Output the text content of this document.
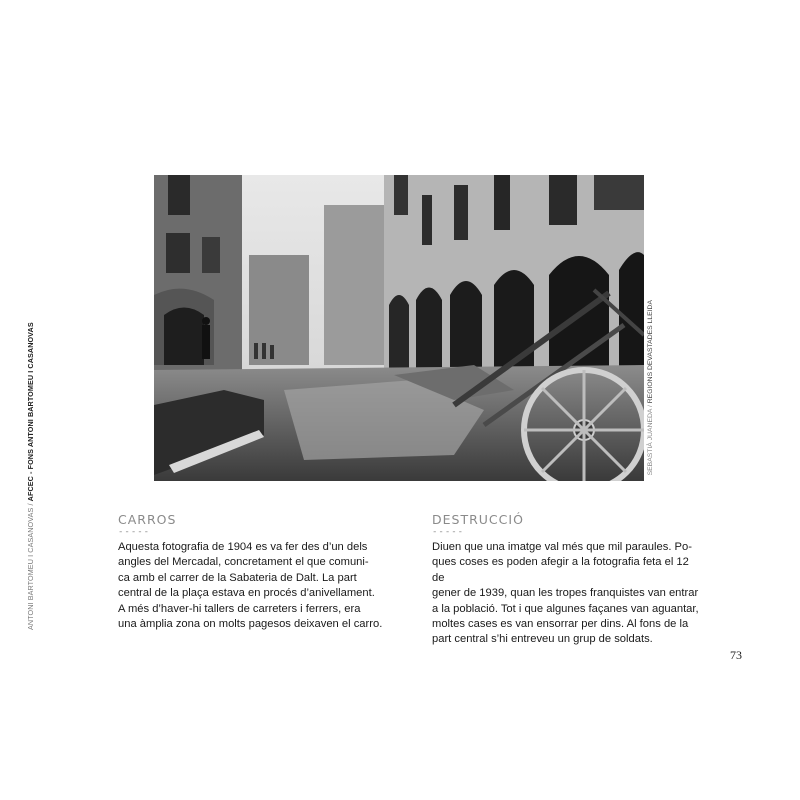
ANTONI BARTOMEU I CASANOVAS / AFCEC - FONS ANTONI BARTOMEU I CASANOVAS	SEBASTIÀ JUANEDA / REGIONS DEVASTADES LLEIDA
CARROS
-----

Aquesta fotografia de 1904 es va fer des d’un dels
angles del Mercadal, concretament el que comuni-
ca amb el carrer de la Sabateria de Dalt. La part
central de la plaça estava en procés d’anivellament.
A més d’haver-hi tallers de carreters i ferrers, era
una àmplia zona on molts pagesos deixaven el carro.

DESTRUCCIÓ
-----

Diuen que una imatge val més que mil paraules. Po-
ques coses es poden afegir a la fotografia feta el 12 de
gener de 1939, quan les tropes franquistes van entrar
a la població. Tot i que algunes façanes van aguantar,
moltes cases es van ensorrar per dins. Al fons de la
part central s’hi entreveu un grup de soldats.

73
